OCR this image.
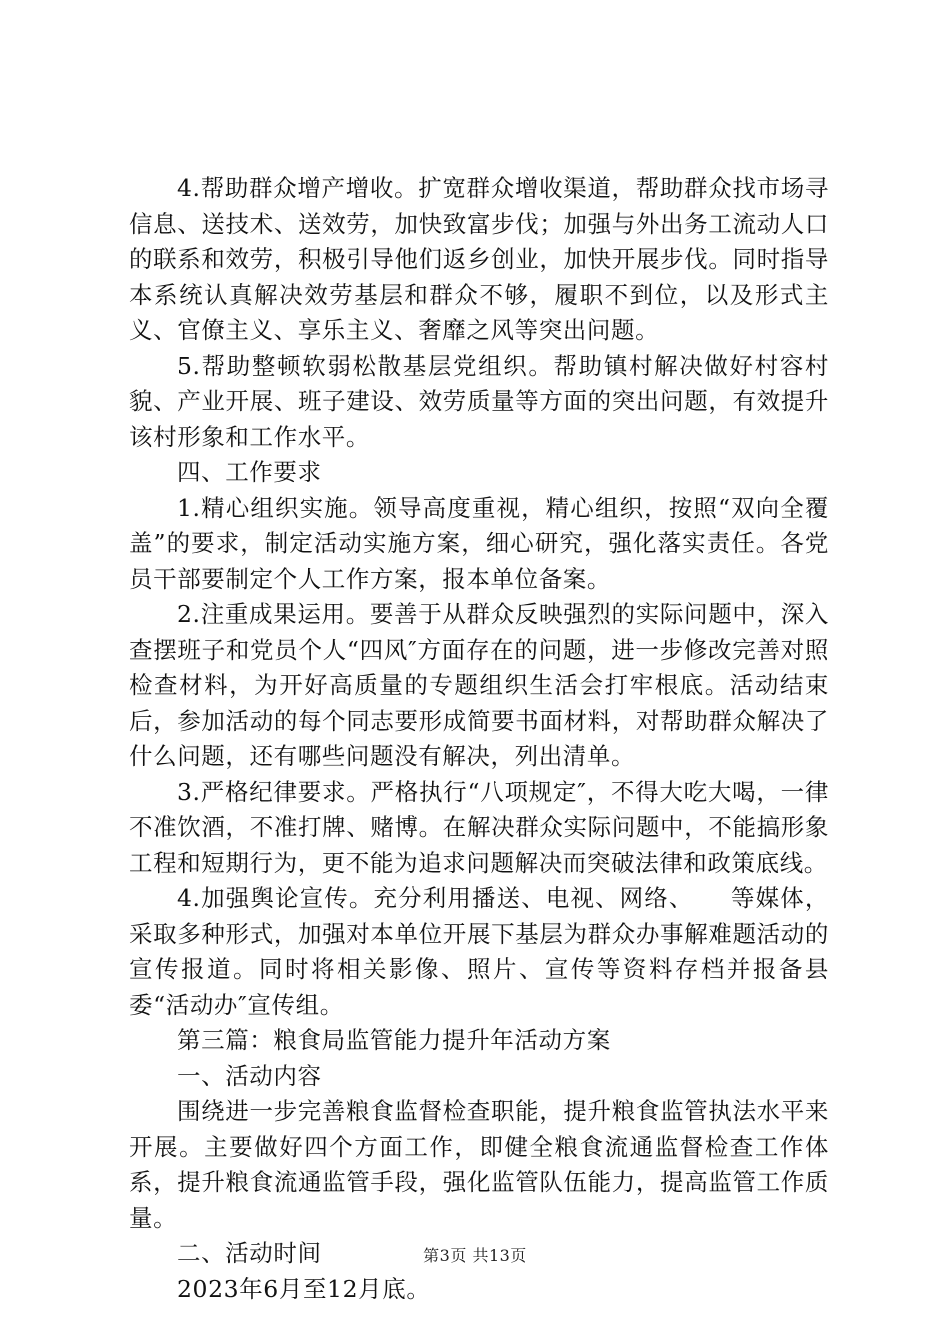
4.帮助群众增产增收。扩宽群众增收渠道，帮助群众找市场寻信息、送技术、送效劳，加快致富步伐；加强与外出务工流动人口的联系和效劳，积极引导他们返乡创业，加快开展步伐。同时指导本系统认真解决效劳基层和群众不够，履职不到位，以及形式主义、官僚主义、享乐主义、奢靡之风等突出问题。

5.帮助整顿软弱松散基层党组织。帮助镇村解决做好村容村貌、产业开展、班子建设、效劳质量等方面的突出问题，有效提升该村形象和工作水平。

四、工作要求

1.精心组织实施。领导高度重视，精心组织，按照“双向全覆盖”的要求，制定活动实施方案，细心研究，强化落实责任。各党员干部要制定个人工作方案，报本单位备案。

2.注重成果运用。要善于从群众反映强烈的实际问题中，深入查摆班子和党员个人“四风″方面存在的问题，进一步修改完善对照检查材料，为开好高质量的专题组织生活会打牢根底。活动结束后，参加活动的每个同志要形成简要书面材料，对帮助群众解决了什么问题，还有哪些问题没有解决，列出清单。

3.严格纪律要求。严格执行“八项规定″，不得大吃大喝，一律不准饮酒，不准打牌、赌博。在解决群众实际问题中，不能搞形象工程和短期行为，更不能为追求问题解决而突破法律和政策底线。

4.加强舆论宣传。充分利用播送、电视、网络、　　等媒体，采取多种形式，加强对本单位开展下基层为群众办事解难题活动的宣传报道。同时将相关影像、照片、宣传等资料存档并报备县委“活动办″宣传组。

第三篇：粮食局监管能力提升年活动方案

一、活动内容

围绕进一步完善粮食监督检查职能，提升粮食监管执法水平来开展。主要做好四个方面工作，即健全粮食流通监督检查工作体系，提升粮食流通监管手段，强化监管队伍能力，提高监管工作质量。

二、活动时间

2023年6月至12月底。

第3页 共13页
